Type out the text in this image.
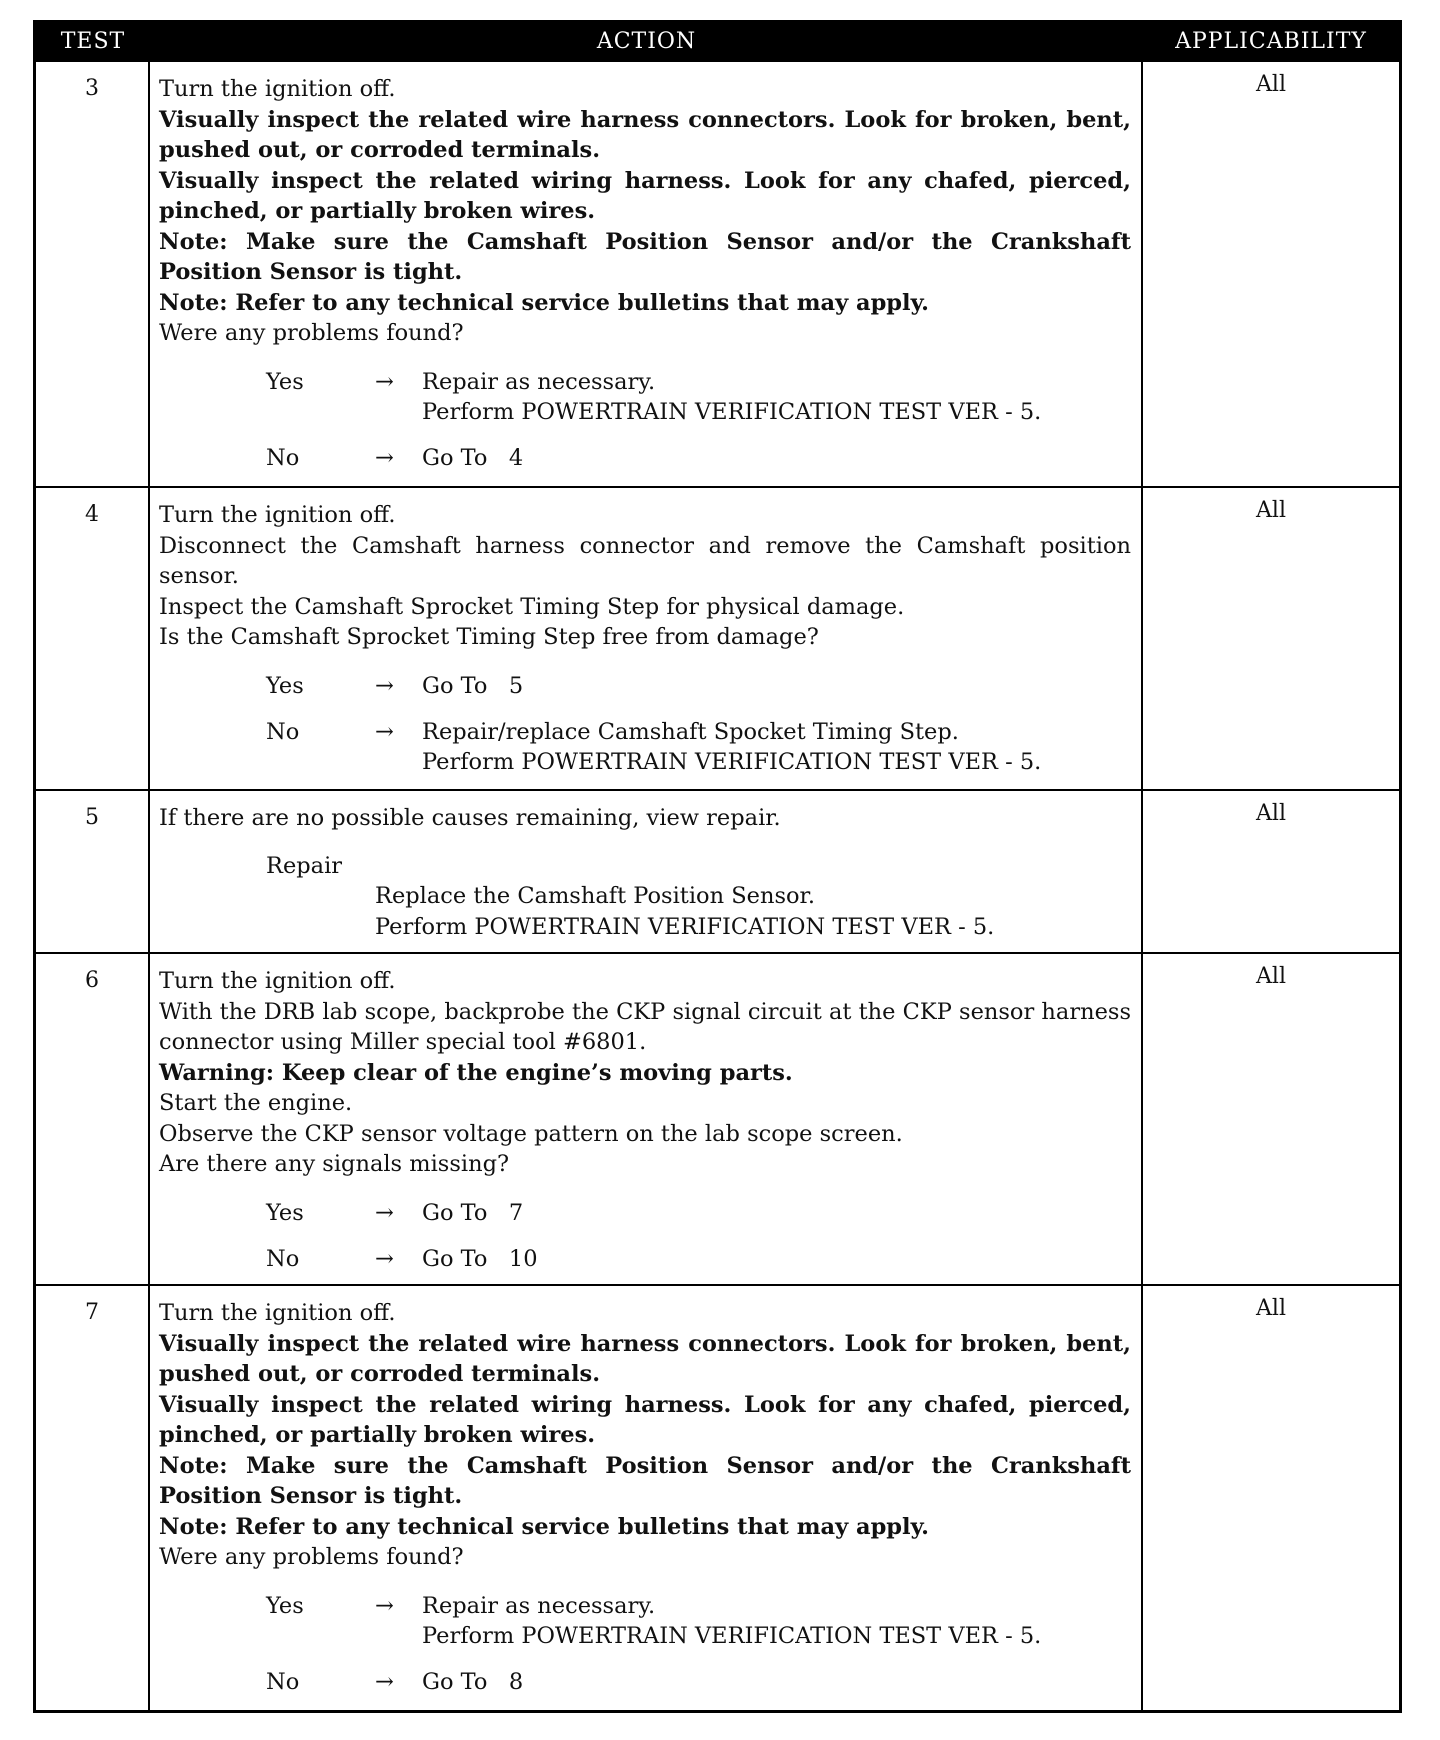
TEST	ACTION	APPLICABILITY
3	Turn the ignition off.
Visually inspect the related wire harness connectors. Look for broken, bent, pushed out, or corroded terminals.
Visually inspect the related wiring harness. Look for any chafed, pierced, pinched, or partially broken wires.
Note: Make sure the Camshaft Position Sensor and/or the Crankshaft Position Sensor is tight.
Note: Refer to any technical service bulletins that may apply.
Were any problems found?
Yes	→	Repair as necessary.
Perform POWERTRAIN VERIFICATION TEST VER - 5.
No	→	Go To   4
All
4	Turn the ignition off.
Disconnect the Camshaft harness connector and remove the Camshaft position sensor.
Inspect the Camshaft Sprocket Timing Step for physical damage.
Is the Camshaft Sprocket Timing Step free from damage?
Yes	→	Go To   5
No	→	Repair/replace Camshaft Spocket Timing Step.
Perform POWERTRAIN VERIFICATION TEST VER - 5.
All
5	If there are no possible causes remaining, view repair.
Repair
Replace the Camshaft Position Sensor.
Perform POWERTRAIN VERIFICATION TEST VER - 5.
All
6	Turn the ignition off.
With the DRB lab scope, backprobe the CKP signal circuit at the CKP sensor harness connector using Miller special tool #6801.
Warning: Keep clear of the engine’s moving parts.
Start the engine.
Observe the CKP sensor voltage pattern on the lab scope screen.
Are there any signals missing?
Yes	→	Go To   7
No	→	Go To   10
All
7	Turn the ignition off.
Visually inspect the related wire harness connectors. Look for broken, bent, pushed out, or corroded terminals.
Visually inspect the related wiring harness. Look for any chafed, pierced, pinched, or partially broken wires.
Note: Make sure the Camshaft Position Sensor and/or the Crankshaft Position Sensor is tight.
Note: Refer to any technical service bulletins that may apply.
Were any problems found?
Yes	→	Repair as necessary.
Perform POWERTRAIN VERIFICATION TEST VER - 5.
No	→	Go To   8
All
